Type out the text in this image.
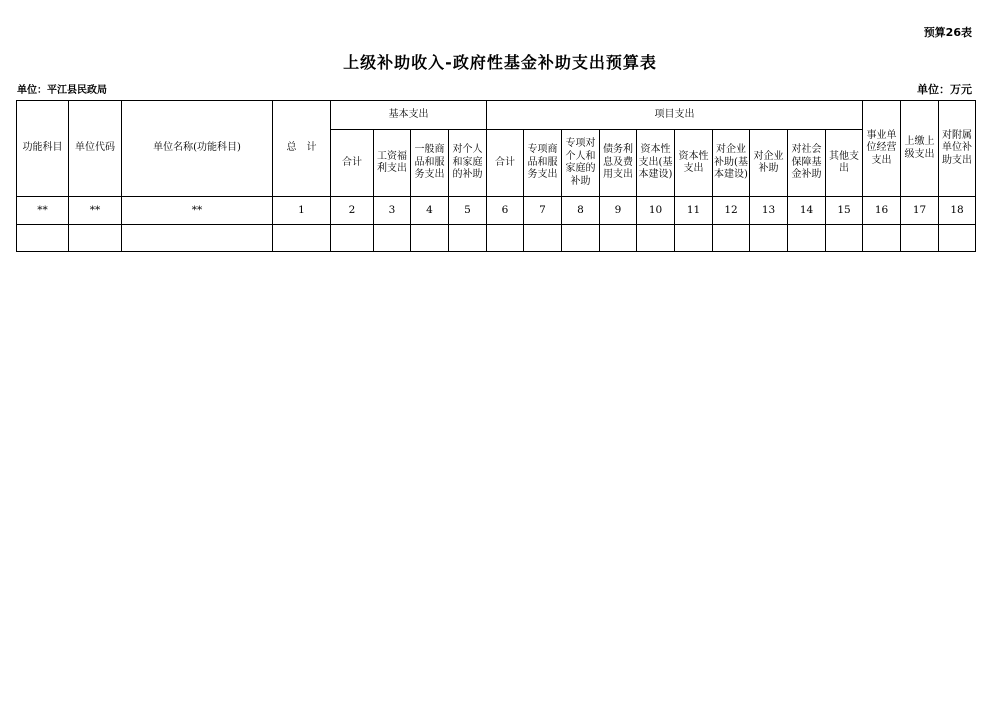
预算26表
上级补助收入-政府性基金补助支出预算表
单位：平江县民政局	单位：万元
功能科目	单位代码	单位名称(功能科目)	总　计	基本支出				项目支出										事业单位经营支出	上缴上级支出	对附属单位补助支出
				合计	工资福利支出	一般商品和服务支出	对个人和家庭的补助	合计	专项商品和服务支出	专项对个人和家庭的补助	债务利息及费用支出	资本性支出(基本建设)	资本性支出	对企业补助(基本建设)	对企业补助	对社会保障基金补助	其他支出			
**	**	**	1	2	3	4	5	6	7	8	9	10	11	12	13	14	15	16	17	18
